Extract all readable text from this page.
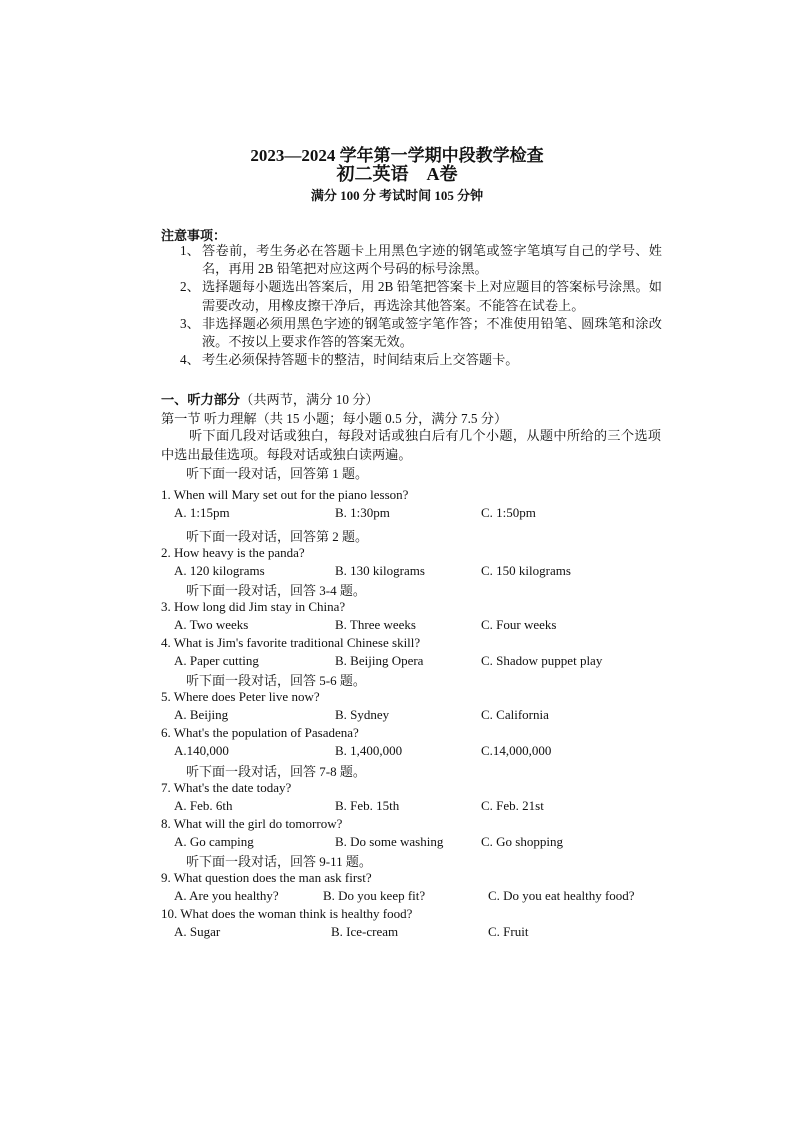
2023—2024 学年第一学期中段教学检查
初二英语　A卷
满分 100 分 考试时间 105 分钟
注意事项：
1、 答卷前，考生务必在答题卡上用黑色字迹的钢笔或签字笔填写自己的学号、姓名，再用 2B 铅笔把对应这两个号码的标号涂黑。
2、 选择题每小题选出答案后，用 2B 铅笔把答案卡上对应题目的答案标号涂黑。如需要改动，用橡皮擦干净后，再选涂其他答案。不能答在试卷上。
3、 非选择题必须用黑色字迹的钢笔或签字笔作答；不准使用铅笔、圆珠笔和涂改液。不按以上要求作答的答案无效。
4、 考生必须保持答题卡的整洁，时间结束后上交答题卡。
一、听力部分（共两节，满分 10 分）
第一节 听力理解（共 15 小题；每小题 0.5 分，满分 7.5 分）
听下面几段对话或独白，每段对话或独白后有几个小题，从题中所给的三个选项中选出最佳选项。每段对话或独白读两遍。
听下面一段对话，回答第 1 题。
1. When will Mary set out for the piano lesson?
A. 1:15pm	B. 1:30pm	C. 1:50pm
听下面一段对话，回答第 2 题。
2. How heavy is the panda?
A. 120 kilograms	B. 130 kilograms	C. 150 kilograms
听下面一段对话，回答 3-4 题。
3. How long did Jim stay in China?
A. Two weeks	B. Three weeks	C. Four weeks
4. What is Jim's favorite traditional Chinese skill?
A. Paper cutting	B. Beijing Opera	C. Shadow puppet play
听下面一段对话，回答 5-6 题。
5. Where does Peter live now?
A. Beijing	B. Sydney	C. California
6. What's the population of Pasadena?
A.140,000	B. 1,400,000	C.14,000,000
听下面一段对话，回答 7-8 题。
7. What's the date today?
A. Feb. 6th	B. Feb. 15th	C. Feb. 21st
8. What will the girl do tomorrow?
A. Go camping	B. Do some washing	C. Go shopping
听下面一段对话，回答 9-11 题。
9. What question does the man ask first?
A. Are you healthy?	B. Do you keep fit?	C. Do you eat healthy food?
10. What does the woman think is healthy food?
A. Sugar	B. Ice-cream	C. Fruit
